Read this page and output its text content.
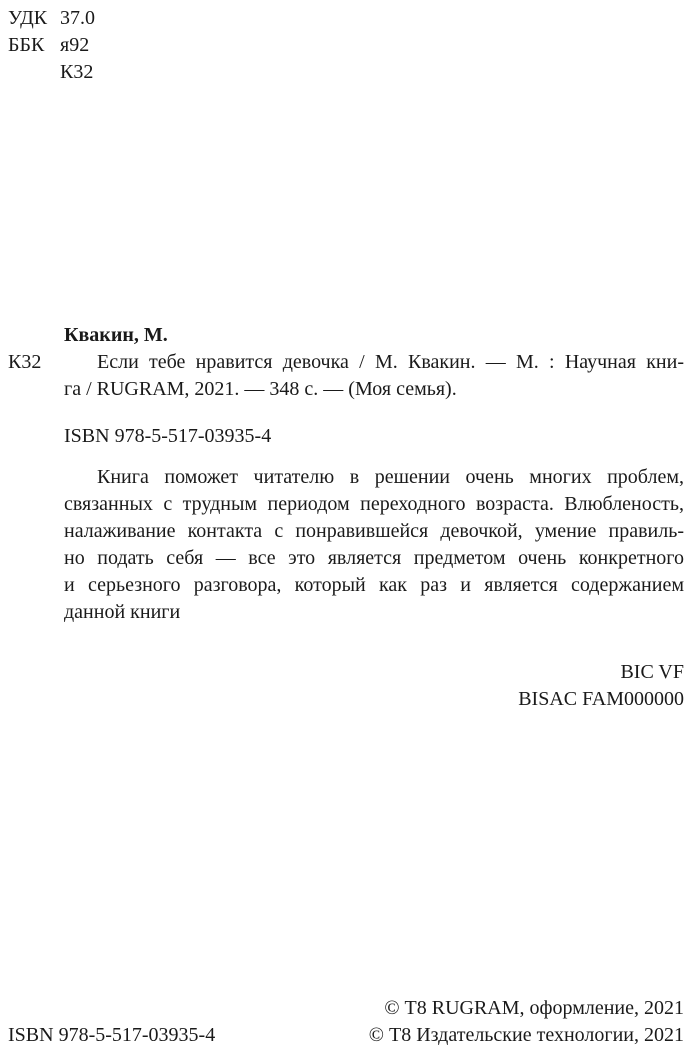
УДК 37.0
ББК я92
К32
Квакин, М.
К32	Если тебе нравится девочка / М. Квакин. — М. : Научная кни-
га / RUGRAM, 2021. — 348 с. — (Моя семья).
ISBN 978-5-517-03935-4
Книга поможет читателю в решении очень многих проблем,
связанных с трудным периодом переходного возраста. Влюбленость,
налаживание контакта с понравившейся девочкой, умение правиль-
но подать себя — все это является предметом очень конкретного
и серьезного разговора, который как раз и является содержанием
данной книги
BIC VF
BISAC FAM000000
© Т8 RUGRAM, оформление, 2021
ISBN 978-5-517-03935-4	© Т8 Издательские технологии, 2021
